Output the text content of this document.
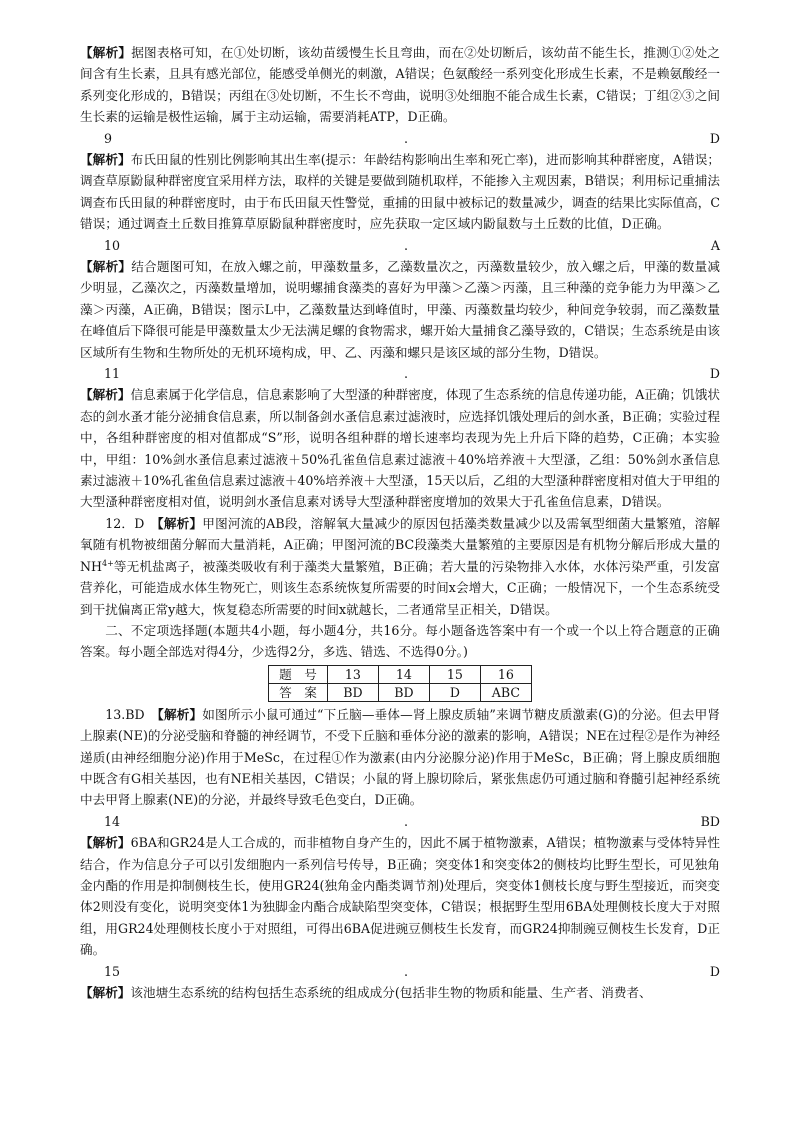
【解析】据图表格可知，在①处切断，该幼苗缓慢生长且弯曲，而在②处切断后，该幼苗不能生长，推测①②处之间含有生长素，且具有感光部位，能感受单侧光的刺激，A错误；色氨酸经一系列变化形成生长素，不是赖氨酸经一系列变化形成的，B错误；丙组在③处切断，不生长不弯曲，说明③处细胞不能合成生长素，C错误；丁组②③之间生长素的运输是极性运输，属于主动运输，需要消耗ATP，D正确。

9	.	D

【解析】布氏田鼠的性别比例影响其出生率(提示：年龄结构影响出生率和死亡率)，进而影响其种群密度，A错误；调查草原鼢鼠种群密度宜采用样方法，取样的关键是要做到随机取样，不能掺入主观因素，B错误；利用标记重捕法调查布氏田鼠的种群密度时，由于布氏田鼠天性警觉，重捕的田鼠中被标记的数量减少，调查的结果比实际值高，C错误；通过调查土丘数目推算草原鼢鼠种群密度时，应先获取一定区域内鼢鼠数与土丘数的比值，D正确。

10	.	A

【解析】结合题图可知，在放入螺之前，甲藻数量多，乙藻数量次之，丙藻数量较少，放入螺之后，甲藻的数量减少明显，乙藻次之，丙藻数量增加，说明螺捕食藻类的喜好为甲藻＞乙藻＞丙藻，且三种藻的竞争能力为甲藻＞乙藻＞丙藻，A正确，B错误；图示L中，乙藻数量达到峰值时，甲藻、丙藻数量均较少，种间竞争较弱，而乙藻数量在峰值后下降很可能是甲藻数量太少无法满足螺的食物需求，螺开始大量捕食乙藻导致的，C错误；生态系统是由该区域所有生物和生物所处的无机环境构成，甲、乙、丙藻和螺只是该区域的部分生物，D错误。

11	.	D

【解析】信息素属于化学信息，信息素影响了大型溞的种群密度，体现了生态系统的信息传递功能，A正确；饥饿状态的剑水蚤才能分泌捕食信息素，所以制备剑水蚤信息素过滤液时，应选择饥饿处理后的剑水蚤，B正确；实验过程中，各组种群密度的相对值都成“S”形，说明各组种群的增长速率均表现为先上升后下降的趋势，C正确；本实验中，甲组：10%剑水蚤信息素过滤液＋50%孔雀鱼信息素过滤液＋40%培养液＋大型溞，乙组：50%剑水蚤信息素过滤液＋10%孔雀鱼信息素过滤液＋40%培养液＋大型溞，15天以后，乙组的大型溞种群密度相对值大于甲组的大型溞种群密度相对值，说明剑水蚤信息素对诱导大型溞种群密度增加的效果大于孔雀鱼信息素，D错误。

12．D　【解析】甲图河流的AB段，溶解氧大量减少的原因包括藻类数量减少以及需氧型细菌大量繁殖，溶解氧随有机物被细菌分解而大量消耗，A正确；甲图河流的BC段藻类大量繁殖的主要原因是有机物分解后形成大量的$NH^{4+}$等无机盐离子，被藻类吸收有利于藻类大量繁殖，B正确；若大量的污染物排入水体，水体污染严重，引发富营养化，可能造成水体生物死亡，则该生态系统恢复所需要的时间x会增大，C正确；一般情况下，一个生态系统受到干扰偏离正常y越大，恢复稳态所需要的时间x就越长，二者通常呈正相关，D错误。

二、不定项选择题(本题共4小题，每小题4分，共16分。每小题备选答案中有一个或一个以上符合题意的正确答案。每小题全部选对得4分，少选得2分，多选、错选、不选得0分。)

题　号	13	14	15	16
答　案	BD	BD	D	ABC

13.BD　【解析】如图所示小鼠可通过“下丘脑—垂体—肾上腺皮质轴”来调节糖皮质激素(G)的分泌。但去甲肾上腺素(NE)的分泌受脑和脊髓的神经调节，不受下丘脑和垂体分泌的激素的影响，A错误；NE在过程②是作为神经递质(由神经细胞分泌)作用于MeSc，在过程①作为激素(由内分泌腺分泌)作用于MeSc，B正确；肾上腺皮质细胞中既含有G相关基因，也有NE相关基因，C错误；小鼠的肾上腺切除后，紧张焦虑仍可通过脑和脊髓引起神经系统中去甲肾上腺素(NE)的分泌，并最终导致毛色变白，D正确。

14	.	BD

【解析】6BA和GR24是人工合成的，而非植物自身产生的，因此不属于植物激素，A错误；植物激素与受体特异性结合，作为信息分子可以引发细胞内一系列信号传导，B正确；突变体1和突变体2的侧枝均比野生型长，可见独角金内酯的作用是抑制侧枝生长，使用GR24(独角金内酯类调节剂)处理后，突变体1侧枝长度与野生型接近，而突变体2则没有变化，说明突变体1为独脚金内酯合成缺陷型突变体，C错误；根据野生型用6BA处理侧枝长度大于对照组，用GR24处理侧枝长度小于对照组，可得出6BA促进豌豆侧枝生长发育，而GR24抑制豌豆侧枝生长发育，D正确。

15	.	D

【解析】该池塘生态系统的结构包括生态系统的组成成分(包括非生物的物质和能量、生产者、消费者、
